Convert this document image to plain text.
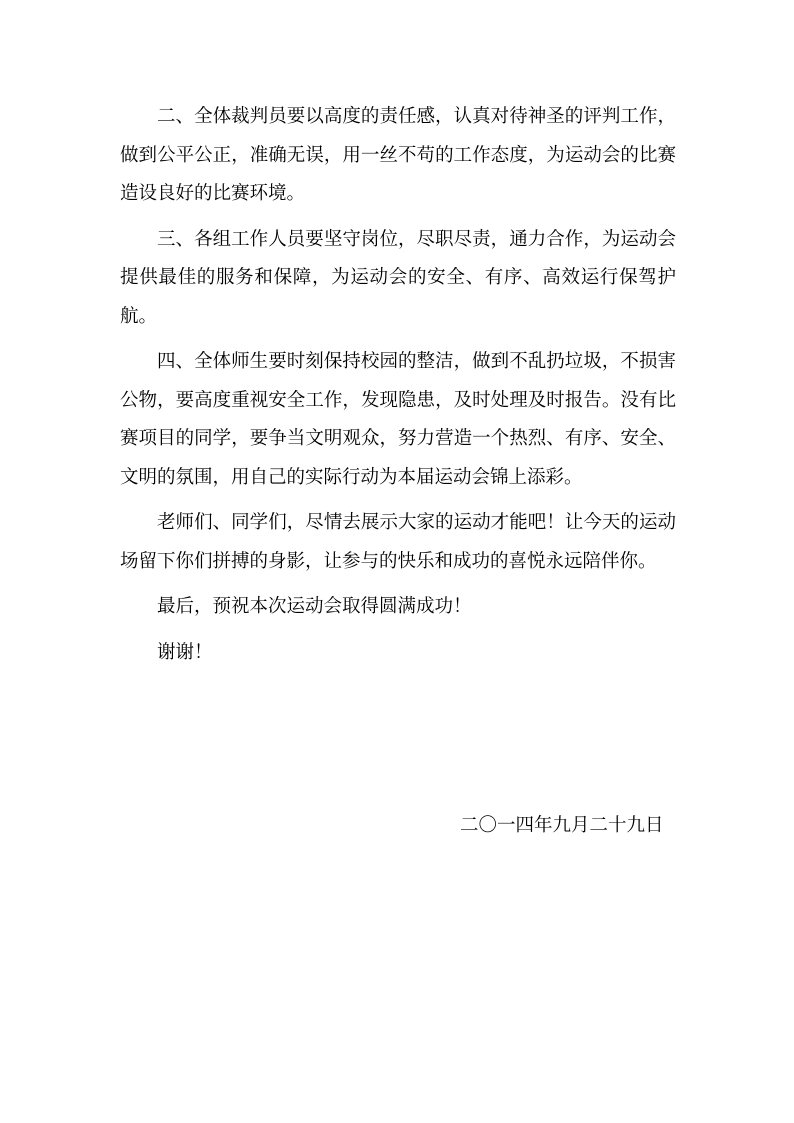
二、全体裁判员要以高度的责任感，认真对待神圣的评判工作，做到公平公正，准确无误，用一丝不苟的工作态度，为运动会的比赛造设良好的比赛环境。

三、各组工作人员要坚守岗位，尽职尽责，通力合作，为运动会提供最佳的服务和保障，为运动会的安全、有序、高效运行保驾护航。

四、全体师生要时刻保持校园的整洁，做到不乱扔垃圾，不损害公物，要高度重视安全工作，发现隐患，及时处理及时报告。没有比赛项目的同学，要争当文明观众，努力营造一个热烈、有序、安全、文明的氛围，用自己的实际行动为本届运动会锦上添彩。

老师们、同学们，尽情去展示大家的运动才能吧！让今天的运动场留下你们拼搏的身影，让参与的快乐和成功的喜悦永远陪伴你。

最后，预祝本次运动会取得圆满成功！

谢谢！

二〇一四年九月二十九日
